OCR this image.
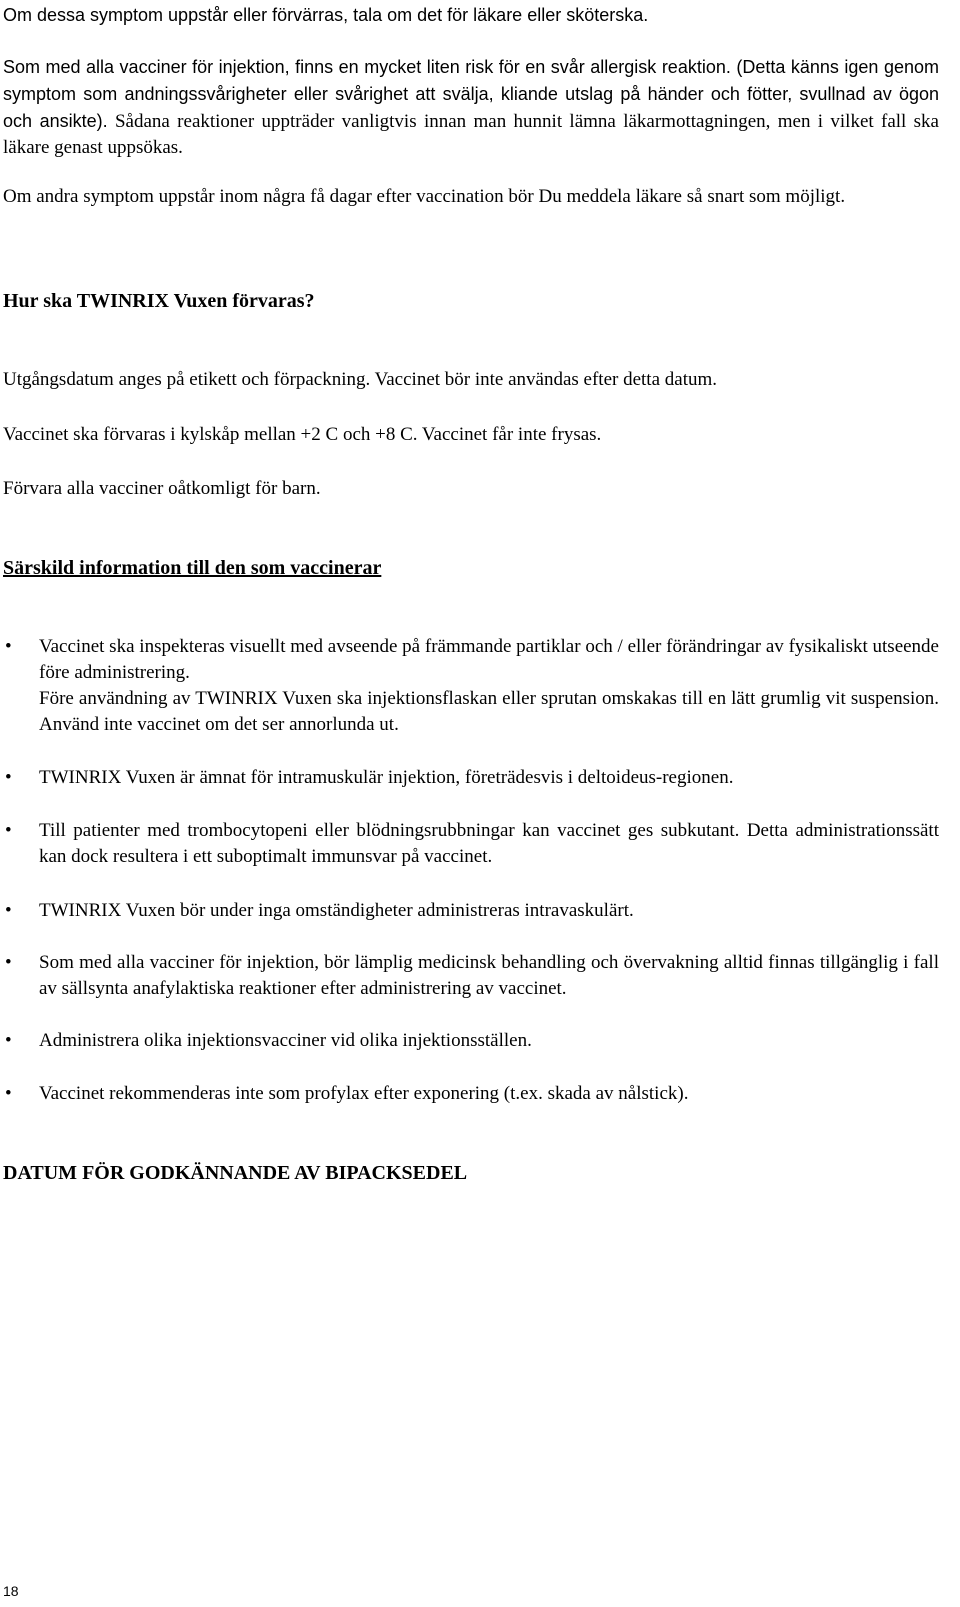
Om dessa symptom uppstår eller förvärras, tala om det för läkare eller sköterska.

Som med alla vacciner för injektion, finns en mycket liten risk för en svår allergisk reaktion. (Detta känns igen genom symptom som andningssvårigheter eller svårighet att svälja, kliande utslag på händer och fötter, svullnad av ögon och ansikte). Sådana reaktioner uppträder vanligtvis innan man hunnit lämna läkarmottagningen, men i vilket fall ska läkare genast uppsökas.

Om andra symptom uppstår inom några få dagar efter vaccination bör Du meddela läkare så snart som möjligt.

Hur ska TWINRIX Vuxen förvaras?

Utgångsdatum anges på etikett och förpackning. Vaccinet bör inte användas efter detta datum.

Vaccinet ska förvaras i kylskåp mellan +2 C och +8 C. Vaccinet får inte frysas.

Förvara alla vacciner oåtkomligt för barn.

Särskild information till den som vaccinerar
•	Vaccinet ska inspekteras visuellt med avseende på främmande partiklar och / eller förändringar av fysikaliskt utseende före administrering.
Före användning av TWINRIX Vuxen ska injektionsflaskan eller sprutan omskakas till en lätt grumlig vit suspension. Använd inte vaccinet om det ser annorlunda ut.
•	TWINRIX Vuxen är ämnat för intramuskulär injektion, företrädesvis i deltoideus-regionen.
•	Till patienter med trombocytopeni eller blödningsrubbningar kan vaccinet ges subkutant. Detta administrationssätt kan dock resultera i ett suboptimalt immunsvar på vaccinet.
•	TWINRIX Vuxen bör under inga omständigheter administreras intravaskulärt.
•	Som med alla vacciner för injektion, bör lämplig medicinsk behandling och övervakning alltid finnas tillgänglig i fall av sällsynta anafylaktiska reaktioner efter administrering av vaccinet.
•	Administrera olika injektionsvacciner vid olika injektionsställen.
•	Vaccinet rekommenderas inte som profylax efter exponering (t.ex. skada av nålstick).
DATUM FÖR GODKÄNNANDE AV BIPACKSEDEL
18
